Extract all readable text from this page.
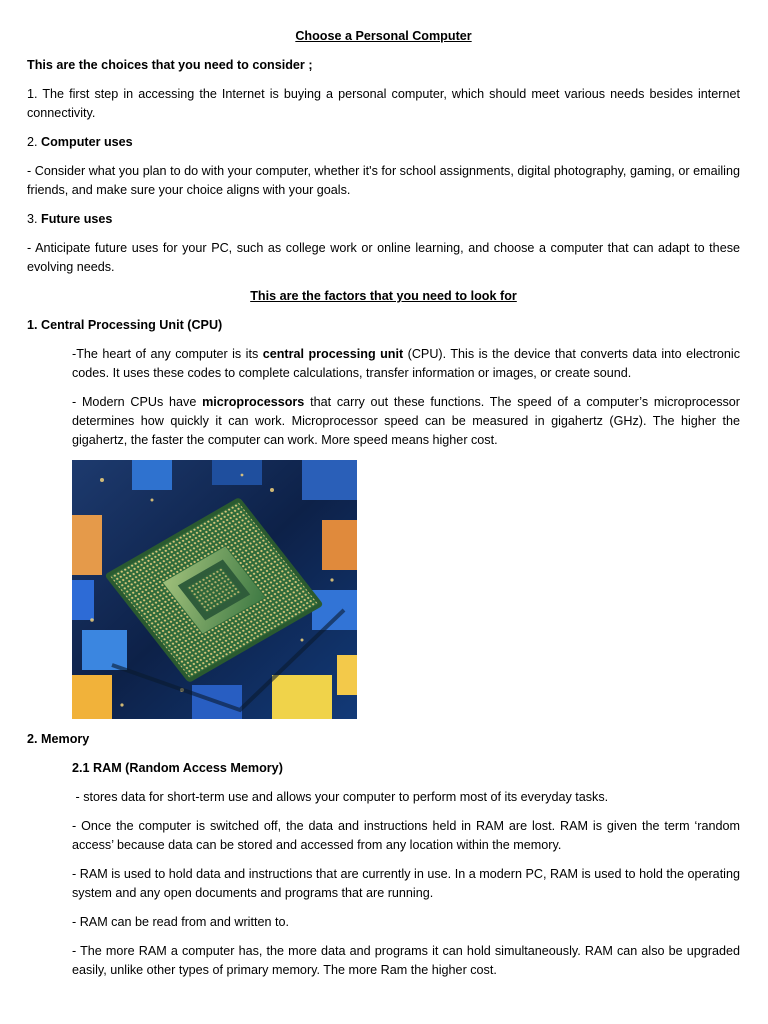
Choose a Personal Computer

This are the choices that you need to consider ;

1. The first step in accessing the Internet is buying a personal computer, which should meet various needs besides internet connectivity.

2. Computer uses

- Consider what you plan to do with your computer, whether it's for school assignments, digital photography, gaming, or emailing friends, and make sure your choice aligns with your goals.

3. Future uses

- Anticipate future uses for your PC, such as college work or online learning, and choose a computer that can adapt to these evolving needs.

This are the factors that you need to look for

1. Central Processing Unit (CPU)

-The heart of any computer is its central processing unit (CPU). This is the device that converts data into electronic codes. It uses these codes to complete calculations, transfer information or images, or create sound.

- Modern CPUs have microprocessors that carry out these functions. The speed of a computer’s microprocessor determines how quickly it can work. Microprocessor speed can be measured in gigahertz (GHz). The higher the gigahertz, the faster the computer can work. More speed means higher cost.

2. Memory

2.1 RAM (Random Access Memory)

- stores data for short-term use and allows your computer to perform most of its everyday tasks.

- Once the computer is switched off, the data and instructions held in RAM are lost. RAM is given the term ‘random access’ because data can be stored and accessed from any location within the memory.

- RAM is used to hold data and instructions that are currently in use. In a modern PC, RAM is used to hold the operating system and any open documents and programs that are running.

- RAM can be read from and written to.

- The more RAM a computer has, the more data and programs it can hold simultaneously. RAM can also be upgraded easily, unlike other types of primary memory. The more Ram the higher cost.
